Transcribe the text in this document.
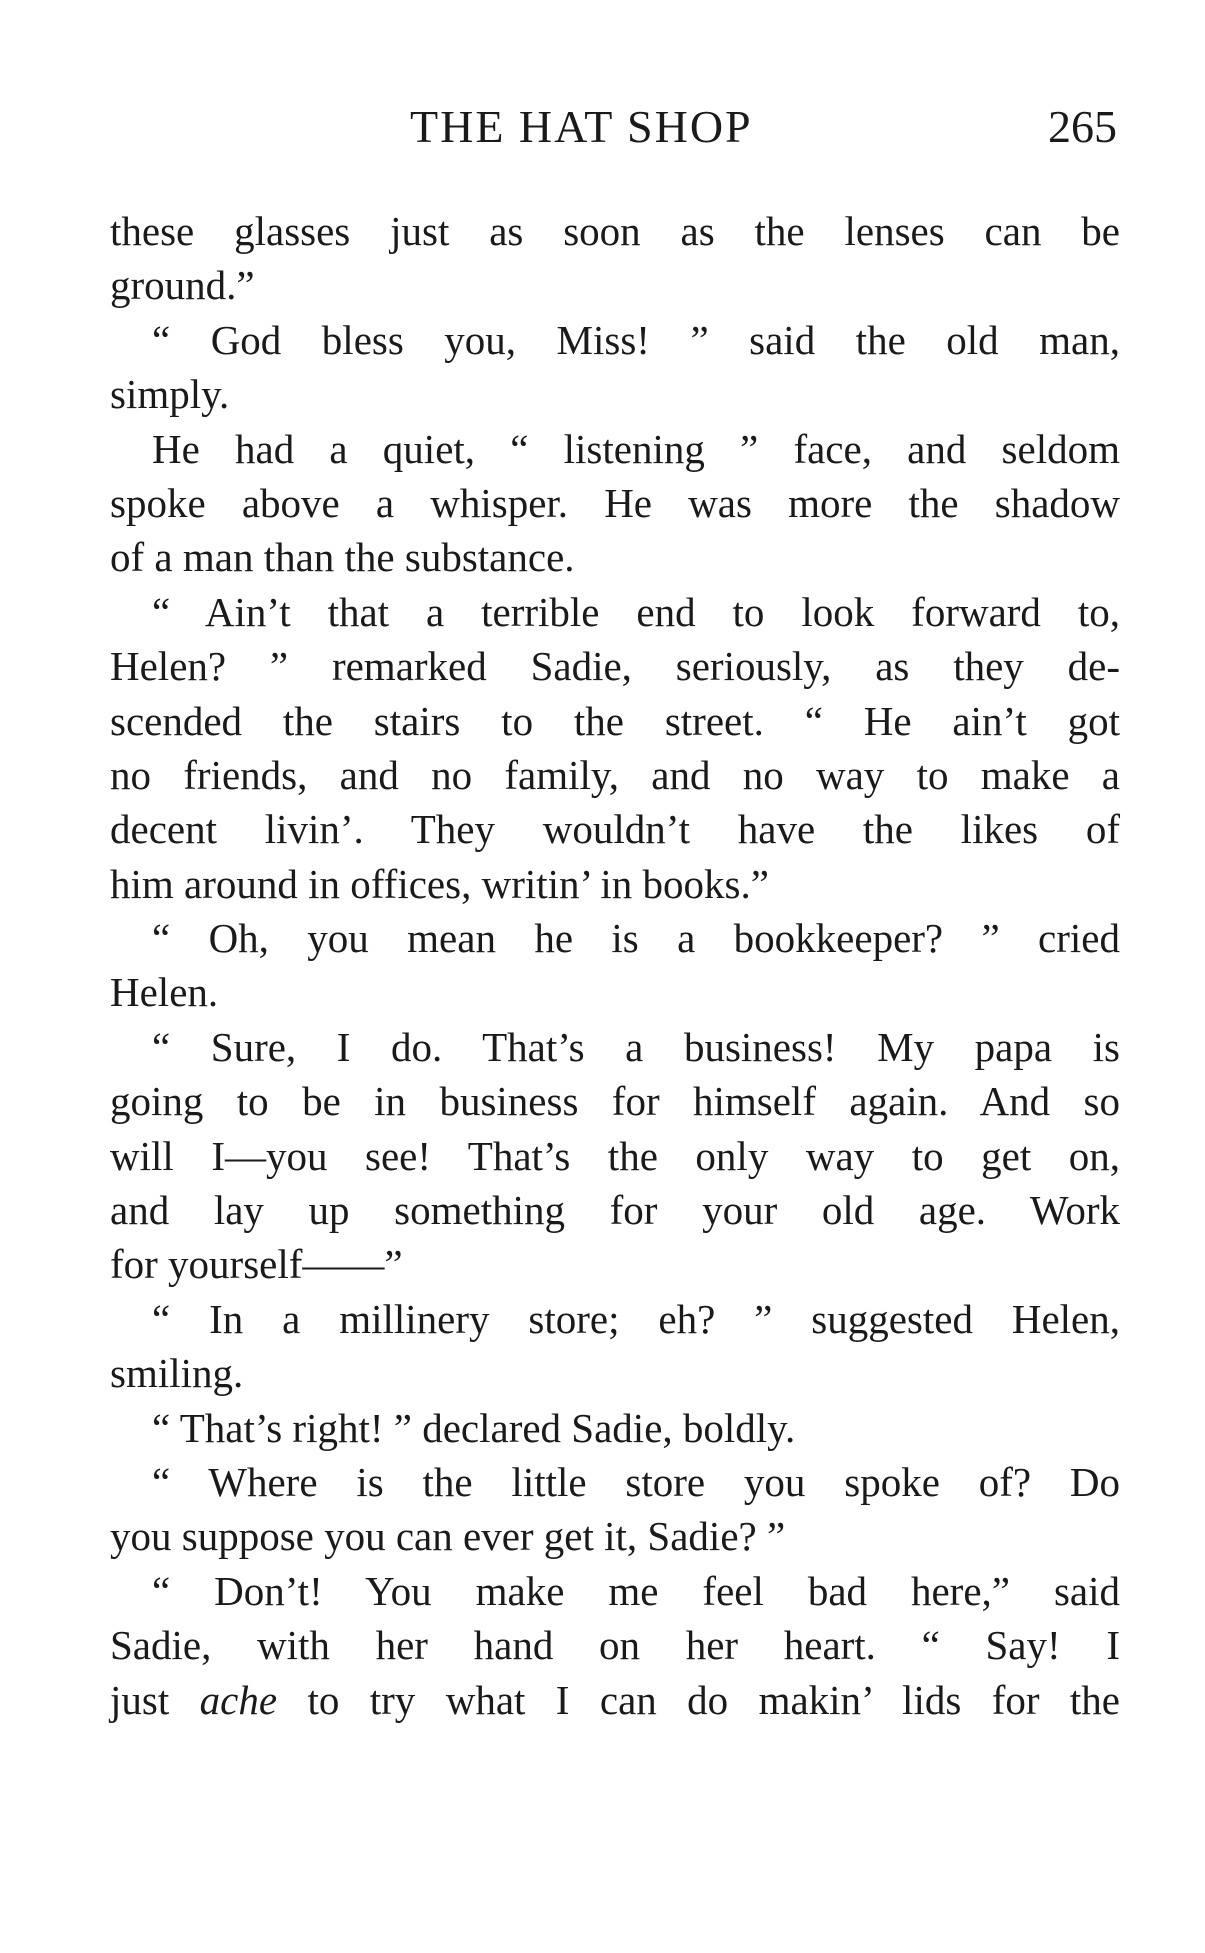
THE HAT SHOP	265
these glasses just as soon as the lenses can be
ground.”
“ God bless you, Miss! ” said the old man,
simply.
He had a quiet, “ listening ” face, and seldom
spoke above a whisper. He was more the shadow
of a man than the substance.
“ Ain’t that a terrible end to look forward to,
Helen? ” remarked Sadie, seriously, as they de-
scended the stairs to the street. “ He ain’t got
no friends, and no family, and no way to make a
decent livin’. They wouldn’t have the likes of
him around in offices, writin’ in books.”
“ Oh, you mean he is a bookkeeper? ” cried
Helen.
“ Sure, I do. That’s a business! My papa is
going to be in business for himself again. And so
will I—you see! That’s the only way to get on,
and lay up something for your old age. Work
for yourself——”
“ In a millinery store; eh? ” suggested Helen,
smiling.
“ That’s right! ” declared Sadie, boldly.
“ Where is the little store you spoke of? Do
you suppose you can ever get it, Sadie? ”
“ Don’t! You make me feel bad here,” said
Sadie, with her hand on her heart. “ Say! I
just ache to try what I can do makin’ lids for the
